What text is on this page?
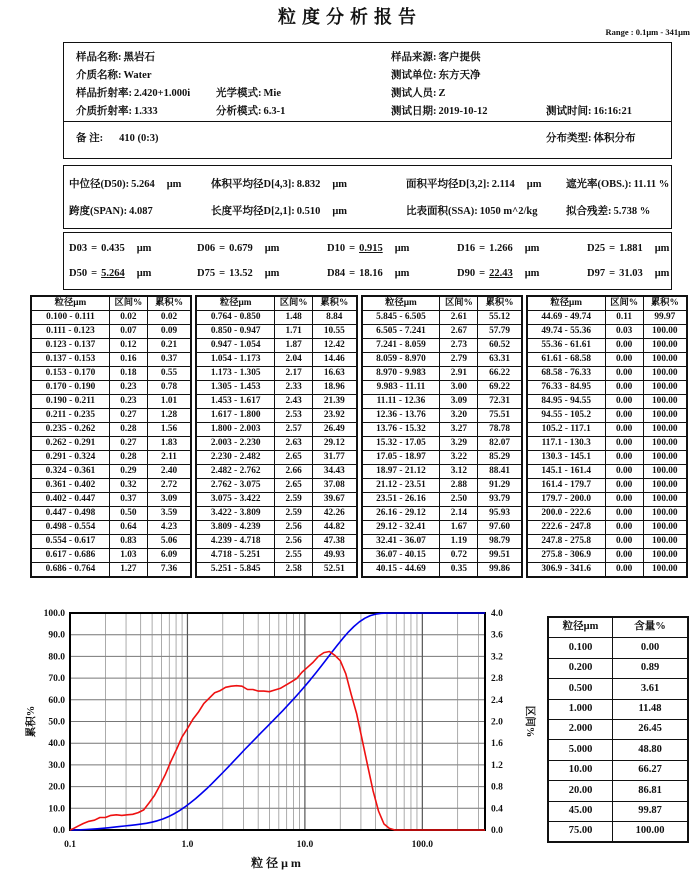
粒度分析报告
Range : 0.1μm - 341μm
样品名称: 黑岩石	样品来源: 客户提供
介质名称: Water	测试单位: 东方天净
样品折射率: 2.420+1.000i 光学模式: Mie	测试人员: Z
介质折射率: 1.333	分析模式: 6.3-1	测试日期: 2019-10-12	测试时间: 16:16:21
备 注: 410 (0:3)	分布类型: 体积分布
中位径(D50): 5.264 μm	体积平均径D[4,3]: 8.832 μm	面积平均径D[3,2]: 2.114 μm 遮光率(OBS.): 11.11 %
跨度(SPAN): 4.087	长度平均径D[2,1]: 0.510 μm	比表面积(SSA): 1050 m^2/kg	拟合残差: 5.738 %
D03 = 0.435 μm	D06 = 0.679 μm	D10 = 0.915 μm	D16 = 1.266 μm	D25 = 1.881 μm
D50 = 5.264 μm	D75 = 13.52 μm	D84 = 18.16 μm	D90 = 22.43 μm	D97 = 31.03 μm
粒径μm	区间%	累积%
0.100 - 0.111	0.02	0.02
0.111 - 0.123	0.07	0.09
0.123 - 0.137	0.12	0.21
0.137 - 0.153	0.16	0.37
0.153 - 0.170	0.18	0.55
0.170 - 0.190	0.23	0.78
0.190 - 0.211	0.23	1.01
0.211 - 0.235	0.27	1.28
0.235 - 0.262	0.28	1.56
0.262 - 0.291	0.27	1.83
0.291 - 0.324	0.28	2.11
0.324 - 0.361	0.29	2.40
0.361 - 0.402	0.32	2.72
0.402 - 0.447	0.37	3.09
0.447 - 0.498	0.50	3.59
0.498 - 0.554	0.64	4.23
0.554 - 0.617	0.83	5.06
0.617 - 0.686	1.03	6.09
0.686 - 0.764	1.27	7.36
粒径μm	区间%	累积%
0.764 - 0.850	1.48	8.84
0.850 - 0.947	1.71	10.55
0.947 - 1.054	1.87	12.42
1.054 - 1.173	2.04	14.46
1.173 - 1.305	2.17	16.63
1.305 - 1.453	2.33	18.96
1.453 - 1.617	2.43	21.39
1.617 - 1.800	2.53	23.92
1.800 - 2.003	2.57	26.49
2.003 - 2.230	2.63	29.12
2.230 - 2.482	2.65	31.77
2.482 - 2.762	2.66	34.43
2.762 - 3.075	2.65	37.08
3.075 - 3.422	2.59	39.67
3.422 - 3.809	2.59	42.26
3.809 - 4.239	2.56	44.82
4.239 - 4.718	2.56	47.38
4.718 - 5.251	2.55	49.93
5.251 - 5.845	2.58	52.51
粒径μm	区间%	累积%
5.845 - 6.505	2.61	55.12
6.505 - 7.241	2.67	57.79
7.241 - 8.059	2.73	60.52
8.059 - 8.970	2.79	63.31
8.970 - 9.983	2.91	66.22
9.983 - 11.11	3.00	69.22
11.11 - 12.36	3.09	72.31
12.36 - 13.76	3.20	75.51
13.76 - 15.32	3.27	78.78
15.32 - 17.05	3.29	82.07
17.05 - 18.97	3.22	85.29
18.97 - 21.12	3.12	88.41
21.12 - 23.51	2.88	91.29
23.51 - 26.16	2.50	93.79
26.16 - 29.12	2.14	95.93
29.12 - 32.41	1.67	97.60
32.41 - 36.07	1.19	98.79
36.07 - 40.15	0.72	99.51
40.15 - 44.69	0.35	99.86
粒径μm	区间%	累积%
44.69 - 49.74	0.11	99.97
49.74 - 55.36	0.03	100.00
55.36 - 61.61	0.00	100.00
61.61 - 68.58	0.00	100.00
68.58 - 76.33	0.00	100.00
76.33 - 84.95	0.00	100.00
84.95 - 94.55	0.00	100.00
94.55 - 105.2	0.00	100.00
105.2 - 117.1	0.00	100.00
117.1 - 130.3	0.00	100.00
130.3 - 145.1	0.00	100.00
145.1 - 161.4	0.00	100.00
161.4 - 179.7	0.00	100.00
179.7 - 200.0	0.00	100.00
200.0 - 222.6	0.00	100.00
222.6 - 247.8	0.00	100.00
247.8 - 275.8	0.00	100.00
275.8 - 306.9	0.00	100.00
306.9 - 341.6	0.00	100.00
0.0	0.0
10.0	0.4
20.0	0.8
30.0	1.2
40.0	1.6
50.0	2.0
60.0	2.4
70.0	2.8
80.0	3.2
90.0	3.6
100.0	4.0
0.1	1.0	10.0	100.0
累积%	区间%
粒径μm
粒径μm	含量%
0.100	0.00
0.200	0.89
0.500	3.61
1.000	11.48
2.000	26.45
5.000	48.80
10.00	66.27
20.00	86.81
45.00	99.87
75.00	100.00
